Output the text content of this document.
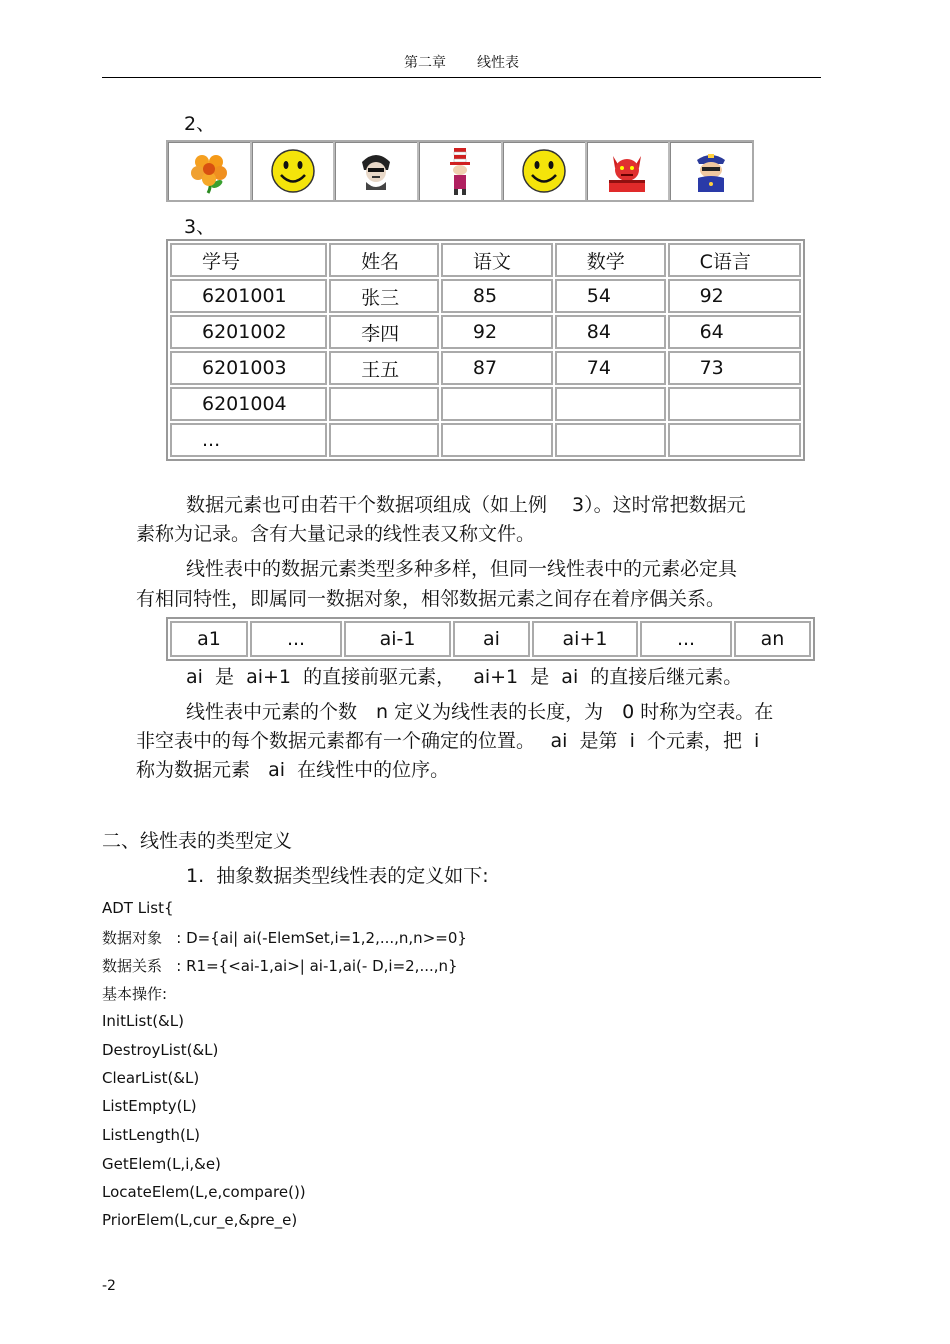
第二章 线性表
2、
3、
学号	姓名	语文	数学	C语言
6201001	张三	85	54	92
6201002	李四	92	84	64
6201003	王五	87	74	73
6201004				
...				
数据元素也可由若干个数据项组成（如上例　 3）。这时常把数据元
素称为记录。含有大量记录的线性表又称文件。
线性表中的数据元素类型多种多样，但同一线性表中的元素必定具
有相同特性，即属同一数据对象，相邻数据元素之间存在着序偶关系。
a1	...	ai-1	ai	ai+1	...	an
ai  是  ai+1  的直接前驱元素，   ai+1  是  ai  的直接后继元素。
线性表中元素的个数　n 定义为线性表的长度，为　0 时称为空表。在
非空表中的每个数据元素都有一个确定的位置。　 ai  是第  i  个元素，把  i
称为数据元素   ai  在线性中的位序。
二、线性表的类型定义
1.  抽象数据类型线性表的定义如下:
ADT List{
数据对象   : D={ai| ai(-ElemSet,i=1,2,...,n,n>=0}
数据关系   : R1={<ai-1,ai>| ai-1,ai(- D,i=2,...,n}
基本操作:
InitList(&L)
DestroyList(&L)
ClearList(&L)
ListEmpty(L)
ListLength(L)
GetElem(L,i,&e)
LocateElem(L,e,compare())
PriorElem(L,cur_e,&pre_e)
-2
